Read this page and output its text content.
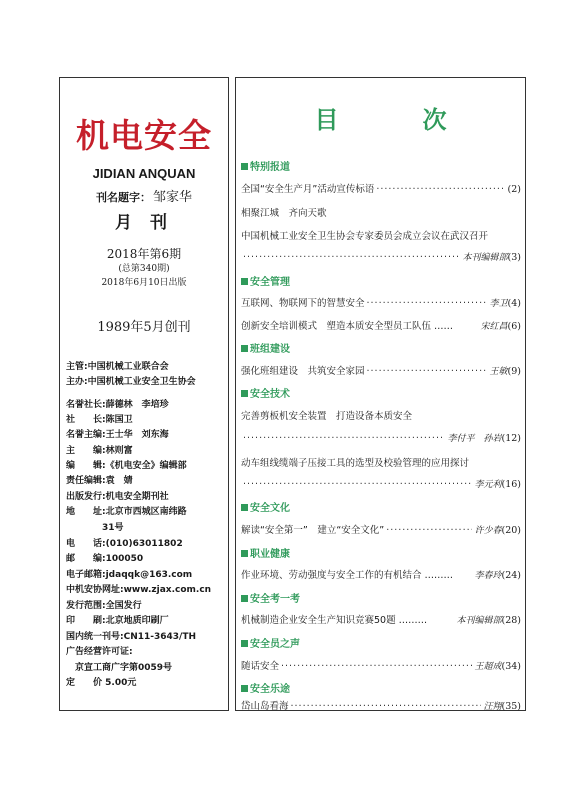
机电安全
JIDIAN ANQUAN
刊名题字： 邹家华
月 刊
2018年第6期
(总第340期)
2018年6月10日出版
1989年5月创刊
主管:中国机械工业联合会
主办:中国机械工业安全卫生协会
名誉社长:薛德林　李培珍
社　　长:陈国卫
名誉主编:王士华　刘东海
主　　编:林则富
编　　辑:《机电安全》编辑部
责任编辑:袁　婧
出版发行:机电安全期刊社
地　　址:北京市西城区南纬路
　　　　31号
电　　话:(010)63011802
邮　　编:100050
电子邮箱:jdaqqk@163.com
中机安协网址:www.zjax.com.cn
发行范围:全国发行
印　　刷:北京地质印刷厂
国内统一刊号:CN11-3643/TH
广告经营许可证:
　京宣工商广字第0059号
定　　价 5.00元
目　次
特别报道
全国“安全生产月”活动宣传标语 ·····	(2)
相聚江城　齐向天歌
中国机械工业安全卫生协会专家委员会成立会议在武汉召开
·····
本刊编辑部 (3)
安全管理
互联网、物联网下的智慧安全 ·····	李卫 (4)
创新安全培训模式　塑造本质安全型员工队伍 ……	宋红昌 (6)
班组建设
强化班组建设　共筑安全家园 ·····	王敏 (9)
安全技术
完善剪板机安全装置　打造设备本质安全
·····
李付平　孙岩 (12)
动车组线缆端子压接工具的选型及校验管理的应用探讨
·····
李元利 (16)
安全文化
解读“安全第一”　建立“安全文化” ·····	许少春 (20)
职业健康
作业环境、劳动强度与安全工作的有机结合 ……… 李春玲 (24)
安全考一考
机械制造企业安全生产知识竞赛50题 ………	本刊编辑部 (28)
安全员之声
随话安全 ·····	王超成 (34)
安全乐途
岱山岛看海 ·····	汪翔 (35)
